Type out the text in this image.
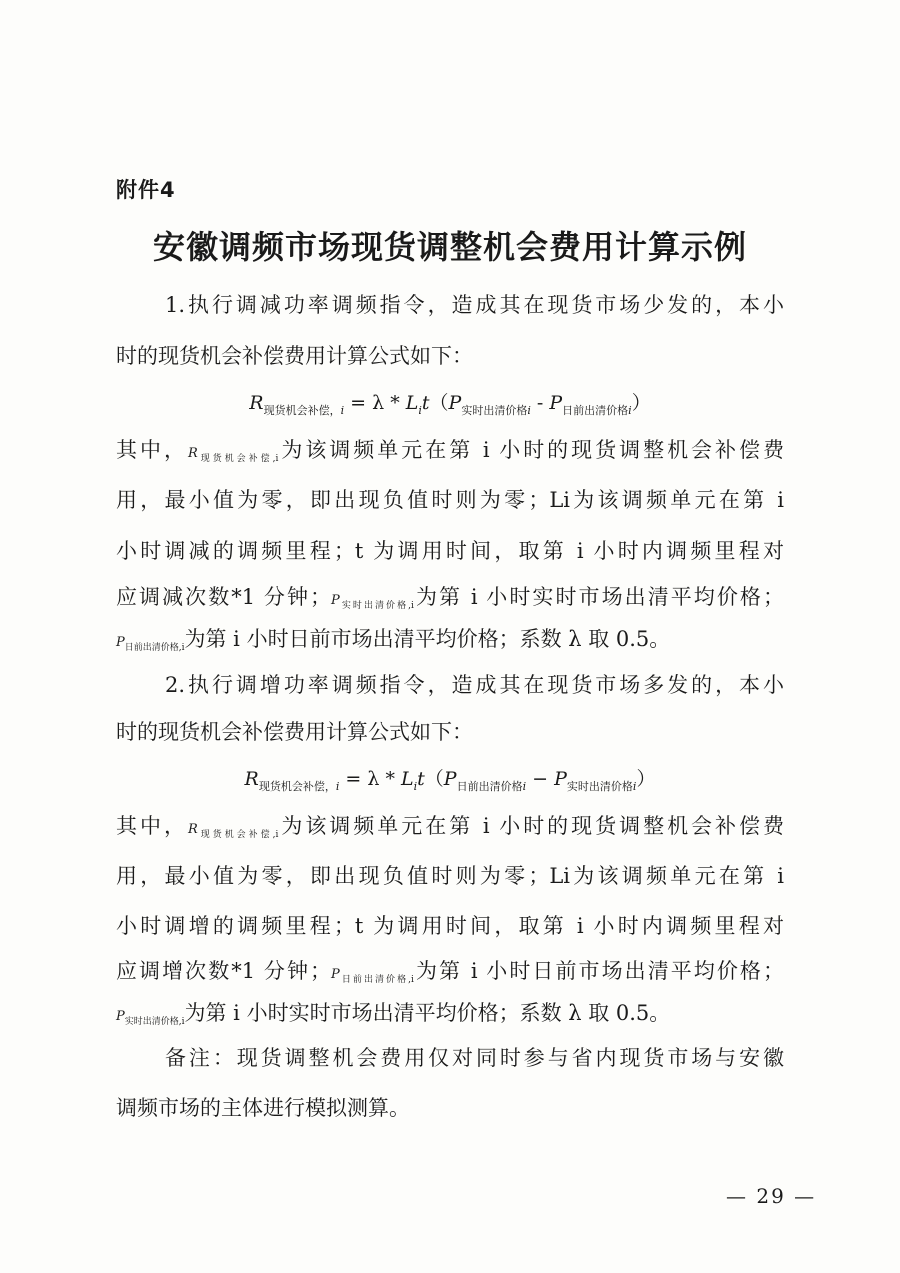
附件4
安徽调频市场现货调整机会费用计算示例
1.执行调减功率调频指令，造成其在现货市场少发的，本小
时的现货机会补偿费用计算公式如下：
$R_{现货机会补偿,i} = \lambda * L_it(P_{实时出清价格i} - P_{日前出清价格i})$
其中，$R_{现货机会补偿,i}$为该调频单元在第 i 小时的现货调整机会补偿费
用，最小值为零，即出现负值时则为零；Li为该调频单元在第 i
小时调减的调频里程；t 为调用时间，取第 i 小时内调频里程对
应调减次数*1 分钟；$P_{实时出清价格,i}$为第 i 小时实时市场出清平均价格；
$P_{日前出清价格,i}$为第 i 小时日前市场出清平均价格；系数 λ 取 0.5。
2.执行调增功率调频指令，造成其在现货市场多发的，本小
时的现货机会补偿费用计算公式如下：
$R_{现货机会补偿,i} = \lambda * L_it(P_{日前出清价格i} - P_{实时出清价格i})$
其中，$R_{现货机会补偿,i}$为该调频单元在第 i 小时的现货调整机会补偿费
用，最小值为零，即出现负值时则为零；Li为该调频单元在第 i
小时调增的调频里程；t 为调用时间，取第 i 小时内调频里程对
应调增次数*1 分钟；$P_{日前出清价格,i}$为第 i 小时日前市场出清平均价格；
$P_{实时出清价格,i}$为第 i 小时实时市场出清平均价格；系数 λ 取 0.5。
备注：现货调整机会费用仅对同时参与省内现货市场与安徽
调频市场的主体进行模拟测算。
— 29 —
